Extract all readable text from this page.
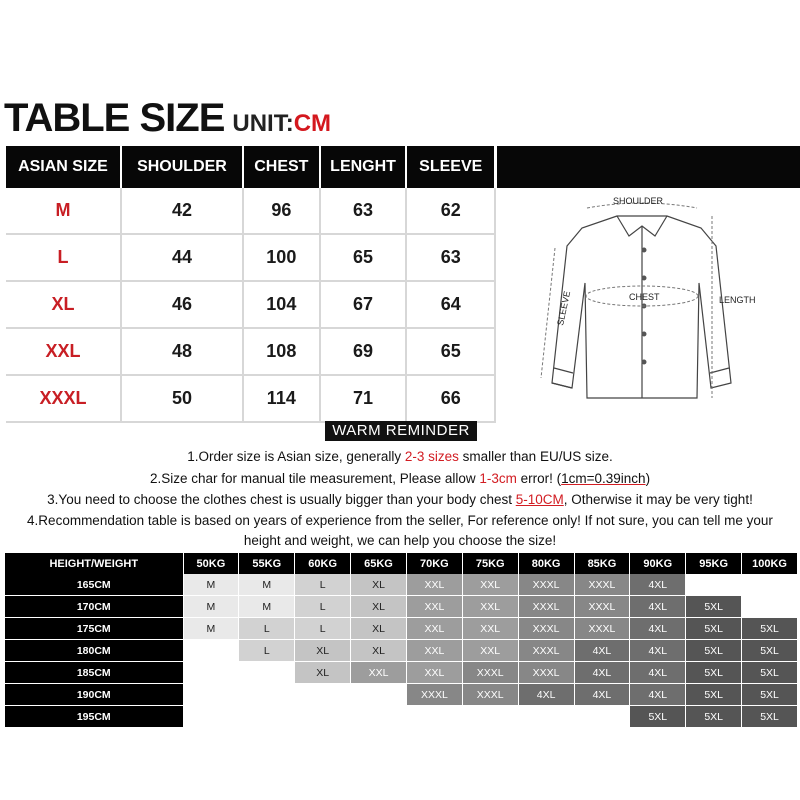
TABLE SIZE UNIT: CM
ASIAN SIZE	SHOULDER	CHEST	LENGHT	SLEEVE
M	42	96	63	62
L	44	100	65	63
XL	46	104	67	64
XXL	48	108	69	65
XXXL	50	114	71	66
SHOULDER
CHEST	LENGTH
SLEEVE
WARM REMINDER
1.Order size is Asian size, generally 2-3 sizes smaller than EU/US size.
2.Size char for manual tile measurement, Please allow 1-3cm error! (1cm=0.39inch)
3.You need to choose the clothes chest is usually bigger than your body chest 5-10CM, Otherwise it may be very tight!
4.Recommendation table is based on years of experience from the seller, For reference only! If not sure, you can tell me your
height and weight, we can help you choose the size!
HEIGHT/WEIGHT	50KG	55KG	60KG	65KG	70KG	75KG	80KG	85KG	90KG	95KG	100KG
165CM	M	M	L	XL	XXL	XXL	XXXL	XXXL	4XL		
170CM	M	M	L	XL	XXL	XXL	XXXL	XXXL	4XL	5XL	
175CM	M	L	L	XL	XXL	XXL	XXXL	XXXL	4XL	5XL	5XL
180CM		L	XL	XL	XXL	XXL	XXXL	4XL	4XL	5XL	5XL
185CM			XL	XXL	XXL	XXXL	XXXL	4XL	4XL	5XL	5XL
190CM					XXXL	XXXL	4XL	4XL	4XL	5XL	5XL
195CM									5XL	5XL	5XL
